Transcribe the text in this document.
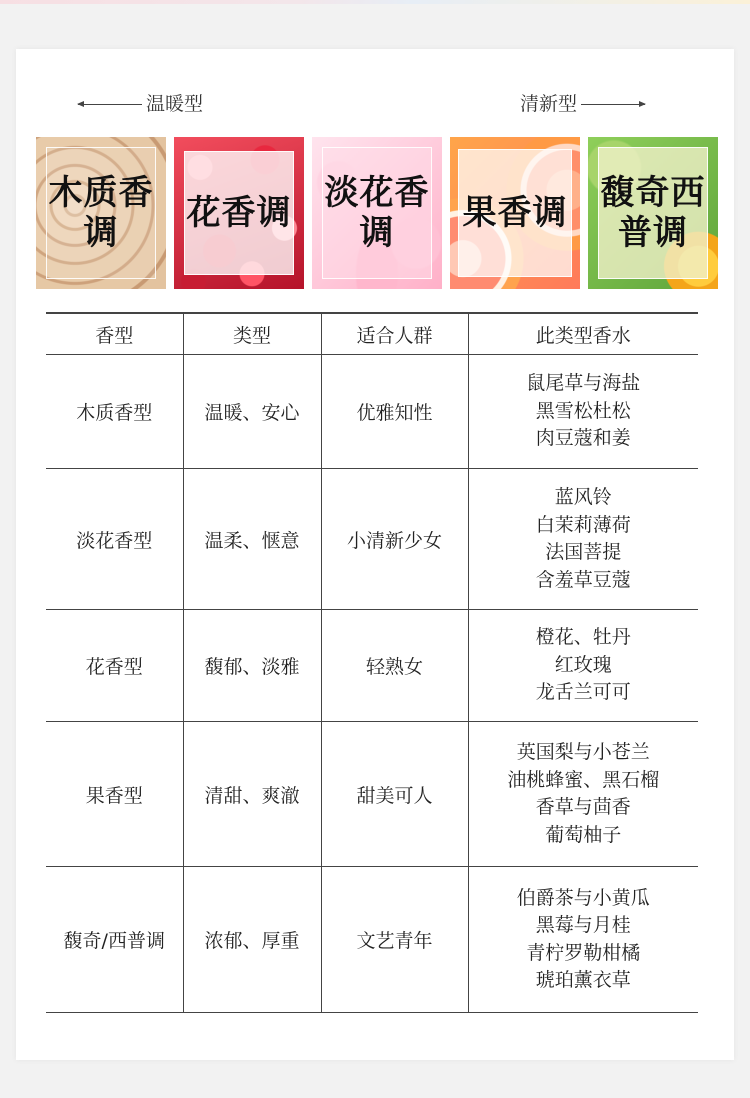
温暖型	清新型
木质香调	花香调 淡花香调	果香调 馥奇西普调
香型	类型	适合人群	此类型香水
木质香型	温暖、安心	优雅知性	鼠尾草与海盐
黑雪松杜松
肉豆蔻和姜

淡花香型	温柔、惬意	小清新少女	蓝风铃
白茉莉薄荷
法国菩提
含羞草豆蔻

花香型	馥郁、淡雅	轻熟女	橙花、牡丹
红玫瑰
龙舌兰可可

果香型	清甜、爽澈	甜美可人	英国梨与小苍兰
油桃蜂蜜、黑石榴
香草与茴香
葡萄柚子

馥奇/西普调	浓郁、厚重	文艺青年	伯爵茶与小黄瓜
黑莓与月桂
青柠罗勒柑橘
琥珀薰衣草
